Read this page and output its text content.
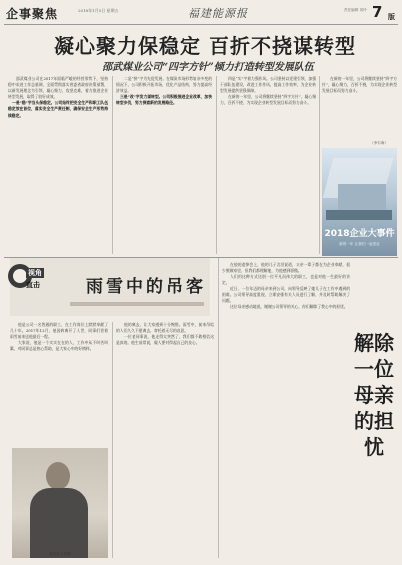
企事聚焦	2018年1月5日 星期五	福建能源报	责任编辑 刘玲 7 版
凝心聚力保稳定 百折不挠谋转型
邵武煤业公司“四字方针”倾力打造转型发展队伍

邵武煤业公司在2017年面临严峻的经营形势下，坚持稳中求进工作总基调，全面贯彻落实省委省政府决策部署，以新发展理念为引领，凝心聚力，攻坚克难，着力推进企业转型发展，取得了较好成效。

一是“稳”字当头保稳定。公司始终把安全生产和职工队伍稳定放在首位，落实安全生产责任制，确保安全生产形势持续稳定。

二是“拼”字为先促发展。在煤炭市场形势复杂多变的情况下，公司积极开拓市场，优化产品结构，努力提高经济效益。

三是“改”字发力谋转型。公司积极推进企业改革，加快转型步伐，努力探索新的发展路径。

四是“实”字着力强作风。公司坚持以党建引领，加强干部队伍建设，改进工作作风，提高工作效率，为企业转型发展提供坚强保障。

在新的一年里，公司将继续坚持“四字方针”，凝心聚力，百折不挠，为实现企业转型发展目标而努力奋斗。

在新的一年里，公司将继续坚持“四字方针”，凝心聚力，百折不挠，为实现企业转型发展目标而努力奋斗。

（李木海）
2018企业大事件
新的一年 让我们一起见证
雨雪中的吊客
视角
直击

他是公司一名普通的职工，在工作岗位上默默奉献了几十年。2017年12月，他因病离开了人世，同事们冒着雨雪前来送他最后一程。

大家说，他是一个实实在在的人，工作中从不叫苦叫累，对同事总是热心帮助，是大家心中的好榜样。

他的离去，让大家感到十分惋惜。雨雪中，前来吊唁的人们久久不愿离去，寄托着无尽的哀思。

一位老同事说，他走得太突然了，我们都不敢相信这是真的。他生前常说，做人要对得起自己的良心。

在他的追悼会上，他的儿子含泪说道，父亲一辈子都在为企业奉献，很少照顾家里，但我们都理解他，为他感到骄傲。

人们用这种方式送别一位平凡而伟大的职工，也是对他一生最好的肯定。

近日，一位年迈的母亲来到公司，向领导反映了她儿子在工作中遇到的困难。公司领导高度重视，立即安排有关人员进行了解，并及时帮助解决了问题。

这位母亲感动地说，谢谢公司领导的关心，你们解除了我心中的担忧。

他生前工作照
解除一位母亲的担忧
